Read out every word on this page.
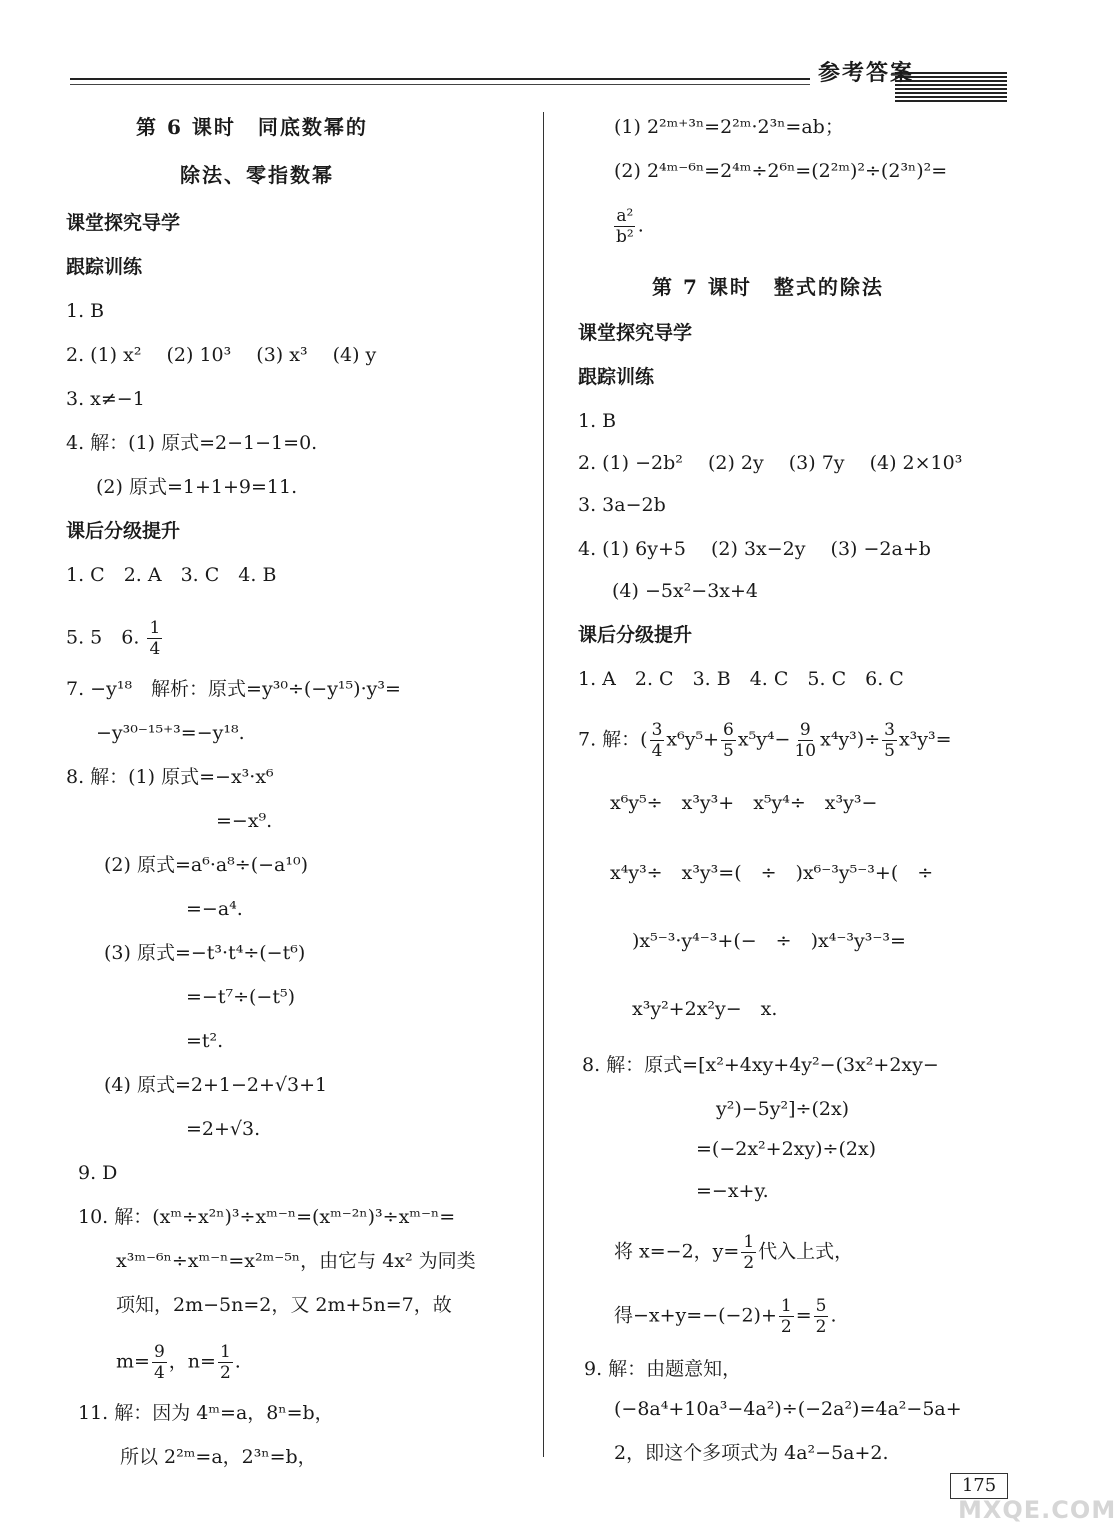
参考答案
第 6 课时　同底数幂的
除法、零指数幂
课堂探究导学
跟踪训练
1. B
2. (1) x² 　(2) 10³ 　(3) x³ 　(4) y
3. x≠−1
4. 解：(1) 原式=2−1−1=0.
(2) 原式=1+1+9=11.
课后分级提升
1. C　2. A　3. C　4. B
5. 5　6. $\frac{1}{4}$
7. −y¹⁸　解析：原式=y³⁰÷(−y¹⁵)·y³=
−y³⁰⁻¹⁵⁺³=−y¹⁸.
8. 解：(1) 原式=−x³·x⁶
=−x⁹.
(2) 原式=a⁶·a⁸÷(−a¹⁰)
=−a⁴.
(3) 原式=−t³·t⁴÷(−t⁶)
=−t⁷÷(−t⁵)
=t².
(4) 原式=2+1−2+√3+1
=2+√3.
9. D
10. 解：(xᵐ÷x²ⁿ)³÷xᵐ⁻ⁿ=(xᵐ⁻²ⁿ)³÷xᵐ⁻ⁿ=
x³ᵐ⁻⁶ⁿ÷xᵐ⁻ⁿ=x²ᵐ⁻⁵ⁿ，由它与 4x² 为同类
项知，2m−5n=2，又 2m+5n=7，故
$m= \frac{9}{4}$ ，$n= \frac{1}{2}$ .
11. 解：因为 4ᵐ=a，8ⁿ=b，
所以 2²ᵐ=a，2³ⁿ=b，
(1) 2²ᵐ⁺³ⁿ=2²ᵐ·2³ⁿ=ab；
(2) 2⁴ᵐ⁻⁶ⁿ=2⁴ᵐ÷2⁶ⁿ=(2²ᵐ)²÷(2³ⁿ)²=
$\frac{\text{a²}}{\text{b²}}$ .
第 7 课时　整式的除法
课堂探究导学
跟踪训练
1. B
2. (1) −2b² 　(2) 2y 　(3) 7y 　(4) 2×10³
3. 3a−2b
4. (1) 6y+5 　(2) 3x−2y 　(3) −2a+b
(4) −5x²−3x+4
课后分级提升
1. A　2. C　3. B　4. C　5. C　6. C
7. 解：( $\frac{3}{4} x^6y^5+ \frac{6}{5} x^5y^4- \frac{9}{10} x^4y^3)\div \frac{3}{5} x^3y^3=$
x⁶y⁵÷　x³y³+　x⁵y⁴÷　x³y³−
x⁴y³÷　x³y³=(　÷　)x⁶⁻³y⁵⁻³+(　÷
)x⁵⁻³·y⁴⁻³+(−　÷　)x⁴⁻³y³⁻³=
x³y²+2x²y−　x.
8. 解：原式=[x²+4xy+4y²−(3x²+2xy−
y²)−5y²]÷(2x)
=(−2x²+2xy)÷(2x)
=−x+y.
将 x=−2，$y= \frac{1}{2}$ 代入上式，
得$-x+y=-(-2)+ \frac{1}{2} = \frac{5}{2}$ .
9. 解：由题意知，
(−8a⁴+10a³−4a²)÷(−2a²)=4a²−5a+
2，即这个多项式为 4a²−5a+2.
175
MXQE.COM
